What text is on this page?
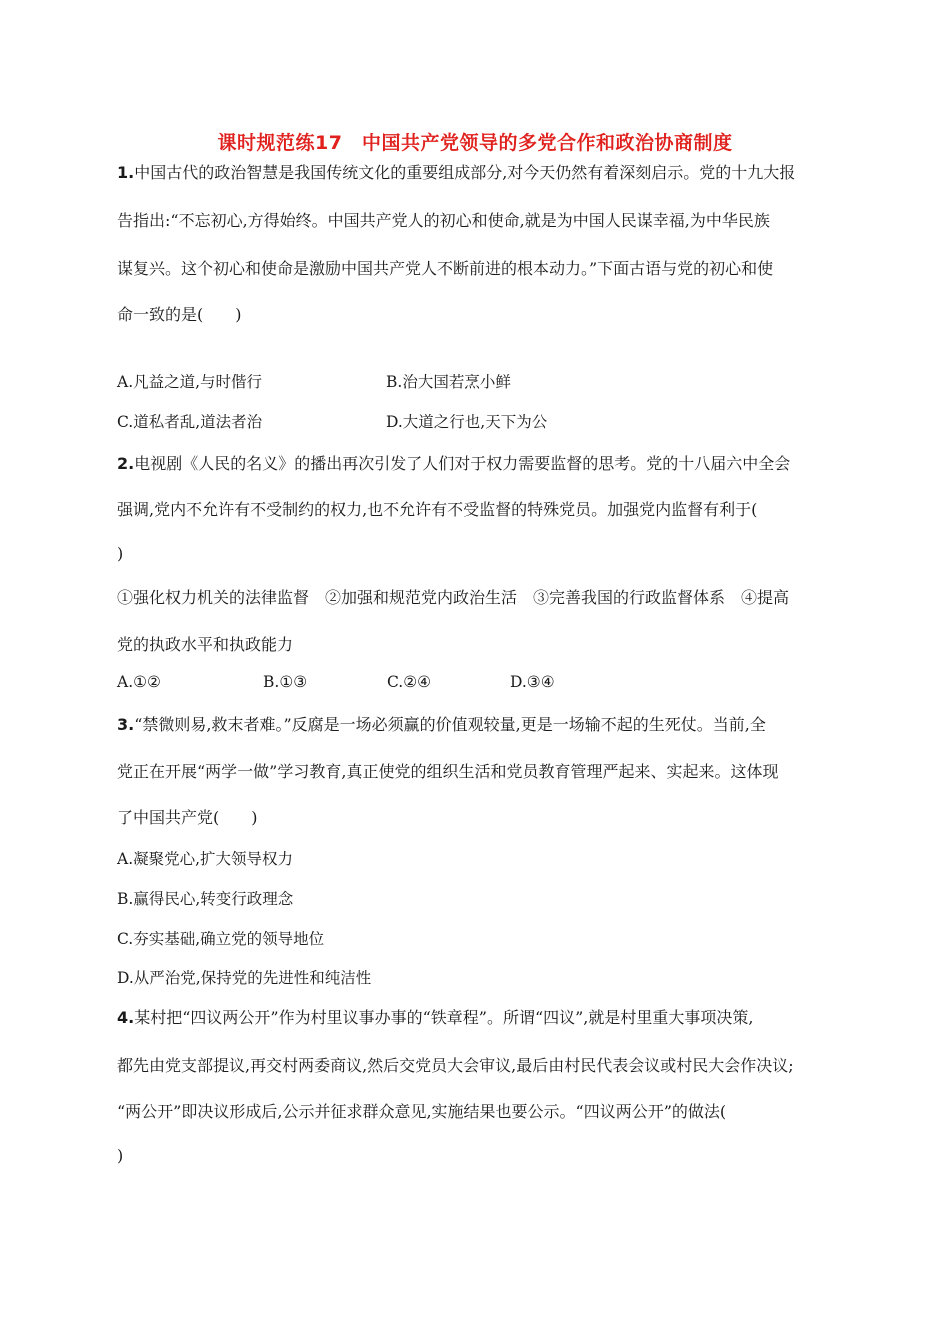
课时规范练17　中国共产党领导的多党合作和政治协商制度
1.中国古代的政治智慧是我国传统文化的重要组成部分,对今天仍然有着深刻启示。党的十九大报
告指出:“不忘初心,方得始终。中国共产党人的初心和使命,就是为中国人民谋幸福,为中华民族
谋复兴。这个初心和使命是激励中国共产党人不断前进的根本动力。”下面古语与党的初心和使
命一致的是(　　)
A.凡益之道,与时偕行	B.治大国若烹小鲜
C.道私者乱,道法者治	D.大道之行也,天下为公
2.电视剧《人民的名义》的播出再次引发了人们对于权力需要监督的思考。党的十八届六中全会
强调,党内不允许有不受制约的权力,也不允许有不受监督的特殊党员。加强党内监督有利于(
)
①强化权力机关的法律监督　②加强和规范党内政治生活　③完善我国的行政监督体系　④提高
党的执政水平和执政能力
A.①②	B.①③	C.②④	D.③④
3.“禁微则易,救末者难。”反腐是一场必须赢的价值观较量,更是一场输不起的生死仗。当前,全
党正在开展“两学一做”学习教育,真正使党的组织生活和党员教育管理严起来、实起来。这体现
了中国共产党(　　)
A.凝聚党心,扩大领导权力
B.赢得民心,转变行政理念
C.夯实基础,确立党的领导地位
D.从严治党,保持党的先进性和纯洁性
4.某村把“四议两公开”作为村里议事办事的“铁章程”。所谓“四议”,就是村里重大事项决策,
都先由党支部提议,再交村两委商议,然后交党员大会审议,最后由村民代表会议或村民大会作决议;
“两公开”即决议形成后,公示并征求群众意见,实施结果也要公示。“四议两公开”的做法(
)
